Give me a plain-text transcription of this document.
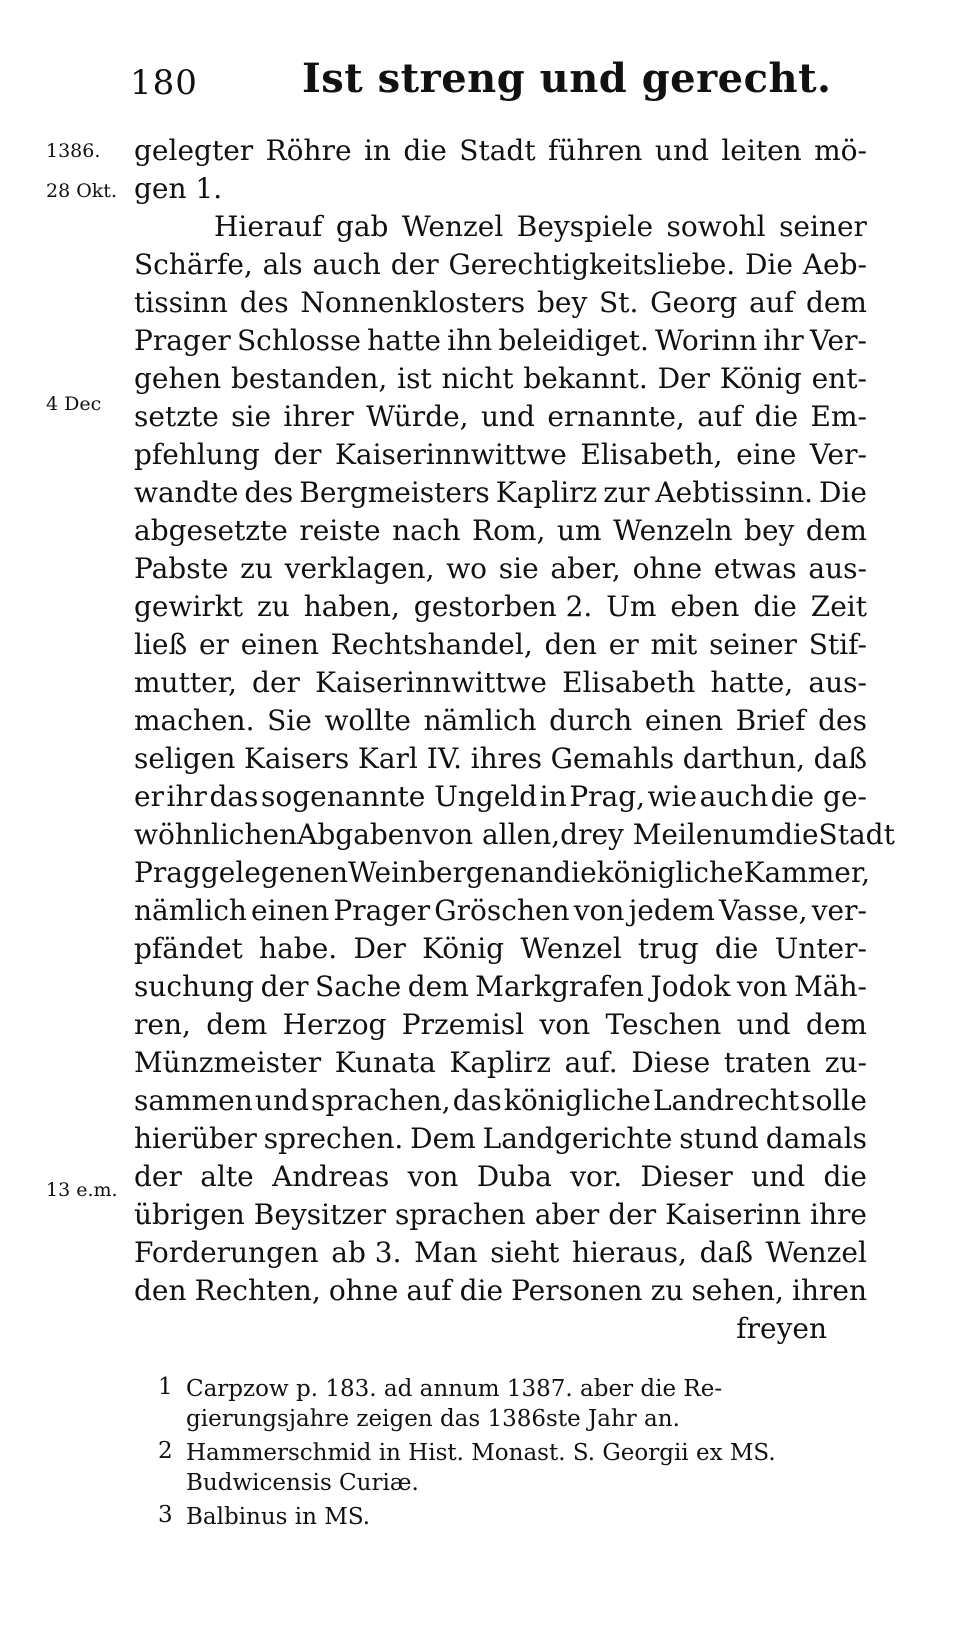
180	Ist streng und gerecht.
1386.
28 Okt.
4 Dec
13 e.m.
gelegter Röhre in die Stadt führen und leiten mö-
gen 1.
Hierauf gab Wenzel Beyspiele sowohl seiner
Schärfe, als auch der Gerechtigkeitsliebe. Die Aeb-
tissinn des Nonnenklosters bey St. Georg auf dem
Prager Schlosse hatte ihn beleidiget. Worinn ihr Ver-
gehen bestanden, ist nicht bekannt. Der König ent-
setzte sie ihrer Würde, und ernannte, auf die Em-
pfehlung der Kaiserinnwittwe Elisabeth, eine Ver-
wandte des Bergmeisters Kaplirz zur Aebtissinn. Die
abgesetzte reiste nach Rom, um Wenzeln bey dem
Pabste zu verklagen, wo sie aber, ohne etwas aus-
gewirkt zu haben, gestorben 2. Um eben die Zeit
ließ er einen Rechtshandel, den er mit seiner Stif-
mutter, der Kaiserinnwittwe Elisabeth hatte, aus-
machen. Sie wollte nämlich durch einen Brief des
seligen Kaisers Karl IV. ihres Gemahls darthun, daß
er ihr das sogenannte Ungeld in Prag, wie auch die ge-
wöhnlichen Abgaben von allen, drey Meilen um die Stadt
Prag gelegenen Weinbergen an die königliche Kammer,
nämlich einen Prager Gröschen von jedem Vasse, ver-
pfändet habe. Der König Wenzel trug die Unter-
suchung der Sache dem Markgrafen Jodok von Mäh-
ren, dem Herzog Przemisl von Teschen und dem
Münzmeister Kunata Kaplirz auf. Diese traten zu-
sammen und sprachen, das königliche Landrecht solle
hierüber sprechen. Dem Landgerichte stund damals
der alte Andreas von Duba vor. Dieser und die
übrigen Beysitzer sprachen aber der Kaiserinn ihre
Forderungen ab 3. Man sieht hieraus, daß Wenzel
den Rechten, ohne auf die Personen zu sehen, ihren
freyen
1 Carpzow p. 183. ad annum 1387. aber die Re-
gierungsjahre zeigen das 1386ste Jahr an.
2 Hammerschmid in Hist. Monast. S. Georgii ex MS.
Budwicensis Curiæ.
3 Balbinus in MS.
